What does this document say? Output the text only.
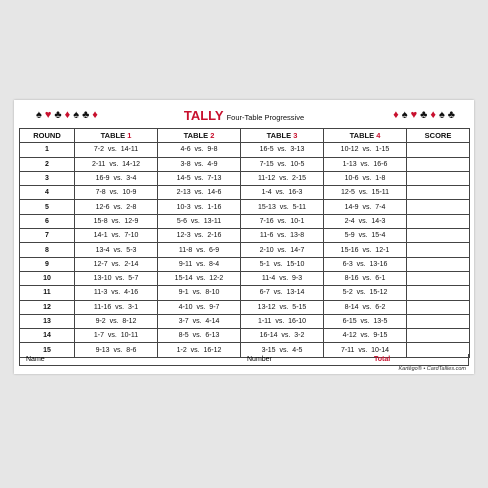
♠♥♣♦♠♣♦	TALLY Four-Table Progressive	♦♠♥♣♦♠♣
ROUND	TABLE 1	TABLE 2	TABLE 3	TABLE 4	SCORE
1	7-2  vs.  14-11	4-6  vs.  9-8	16-5  vs.  3-13	10-12  vs.  1-15	
2	2-11  vs.  14-12	3-8  vs.  4-9	7-15  vs.  10-5	1-13  vs.  16-6	
3	16-9  vs.  3-4	14-5  vs.  7-13	11-12  vs.  2-15	10-6  vs.  1-8	
4	7-8  vs.  10-9	2-13  vs.  14-6	1-4  vs.  16-3	12-5  vs.  15-11	
5	12-6  vs.  2-8	10-3  vs.  1-16	15-13  vs.  5-11	14-9  vs.  7-4	
6	15-8  vs.  12-9	5-6  vs.  13-11	7-16  vs.  10-1	2-4  vs.  14-3	
7	14-1  vs.  7-10	12-3  vs.  2-16	11-6  vs.  13-8	5-9  vs.  15-4	
8	13-4  vs.  5-3	11-8  vs.  6-9	2-10  vs.  14-7	15-16  vs.  12-1	
9	12-7  vs.  2-14	9-11  vs.  8-4	5-1  vs.  15-10	6-3  vs.  13-16	
10	13-10  vs.  5-7	15-14  vs.  12-2	11-4  vs.  9-3	8-16  vs.  6-1	
11	11-3  vs.  4-16	9-1  vs.  8-10	6-7  vs.  13-14	5-2  vs.  15-12	
12	11-16  vs.  3-1	4-10  vs.  9-7	13-12  vs.  5-15	8-14  vs.  6-2	
13	9-2  vs.  8-12	3-7  vs.  4-14	1-11  vs.  16-10	6-15  vs.  13-5	
14	1-7  vs.  10-11	8-5  vs.  6-13	16-14  vs.  3-2	4-12  vs.  9-15	
15	9-13  vs.  8-6	1-2  vs.  16-12	3-15  vs.  4-5	7-11  vs.  10-14	
Name	Number	Total
Kartēgo® • CardTallies.com
